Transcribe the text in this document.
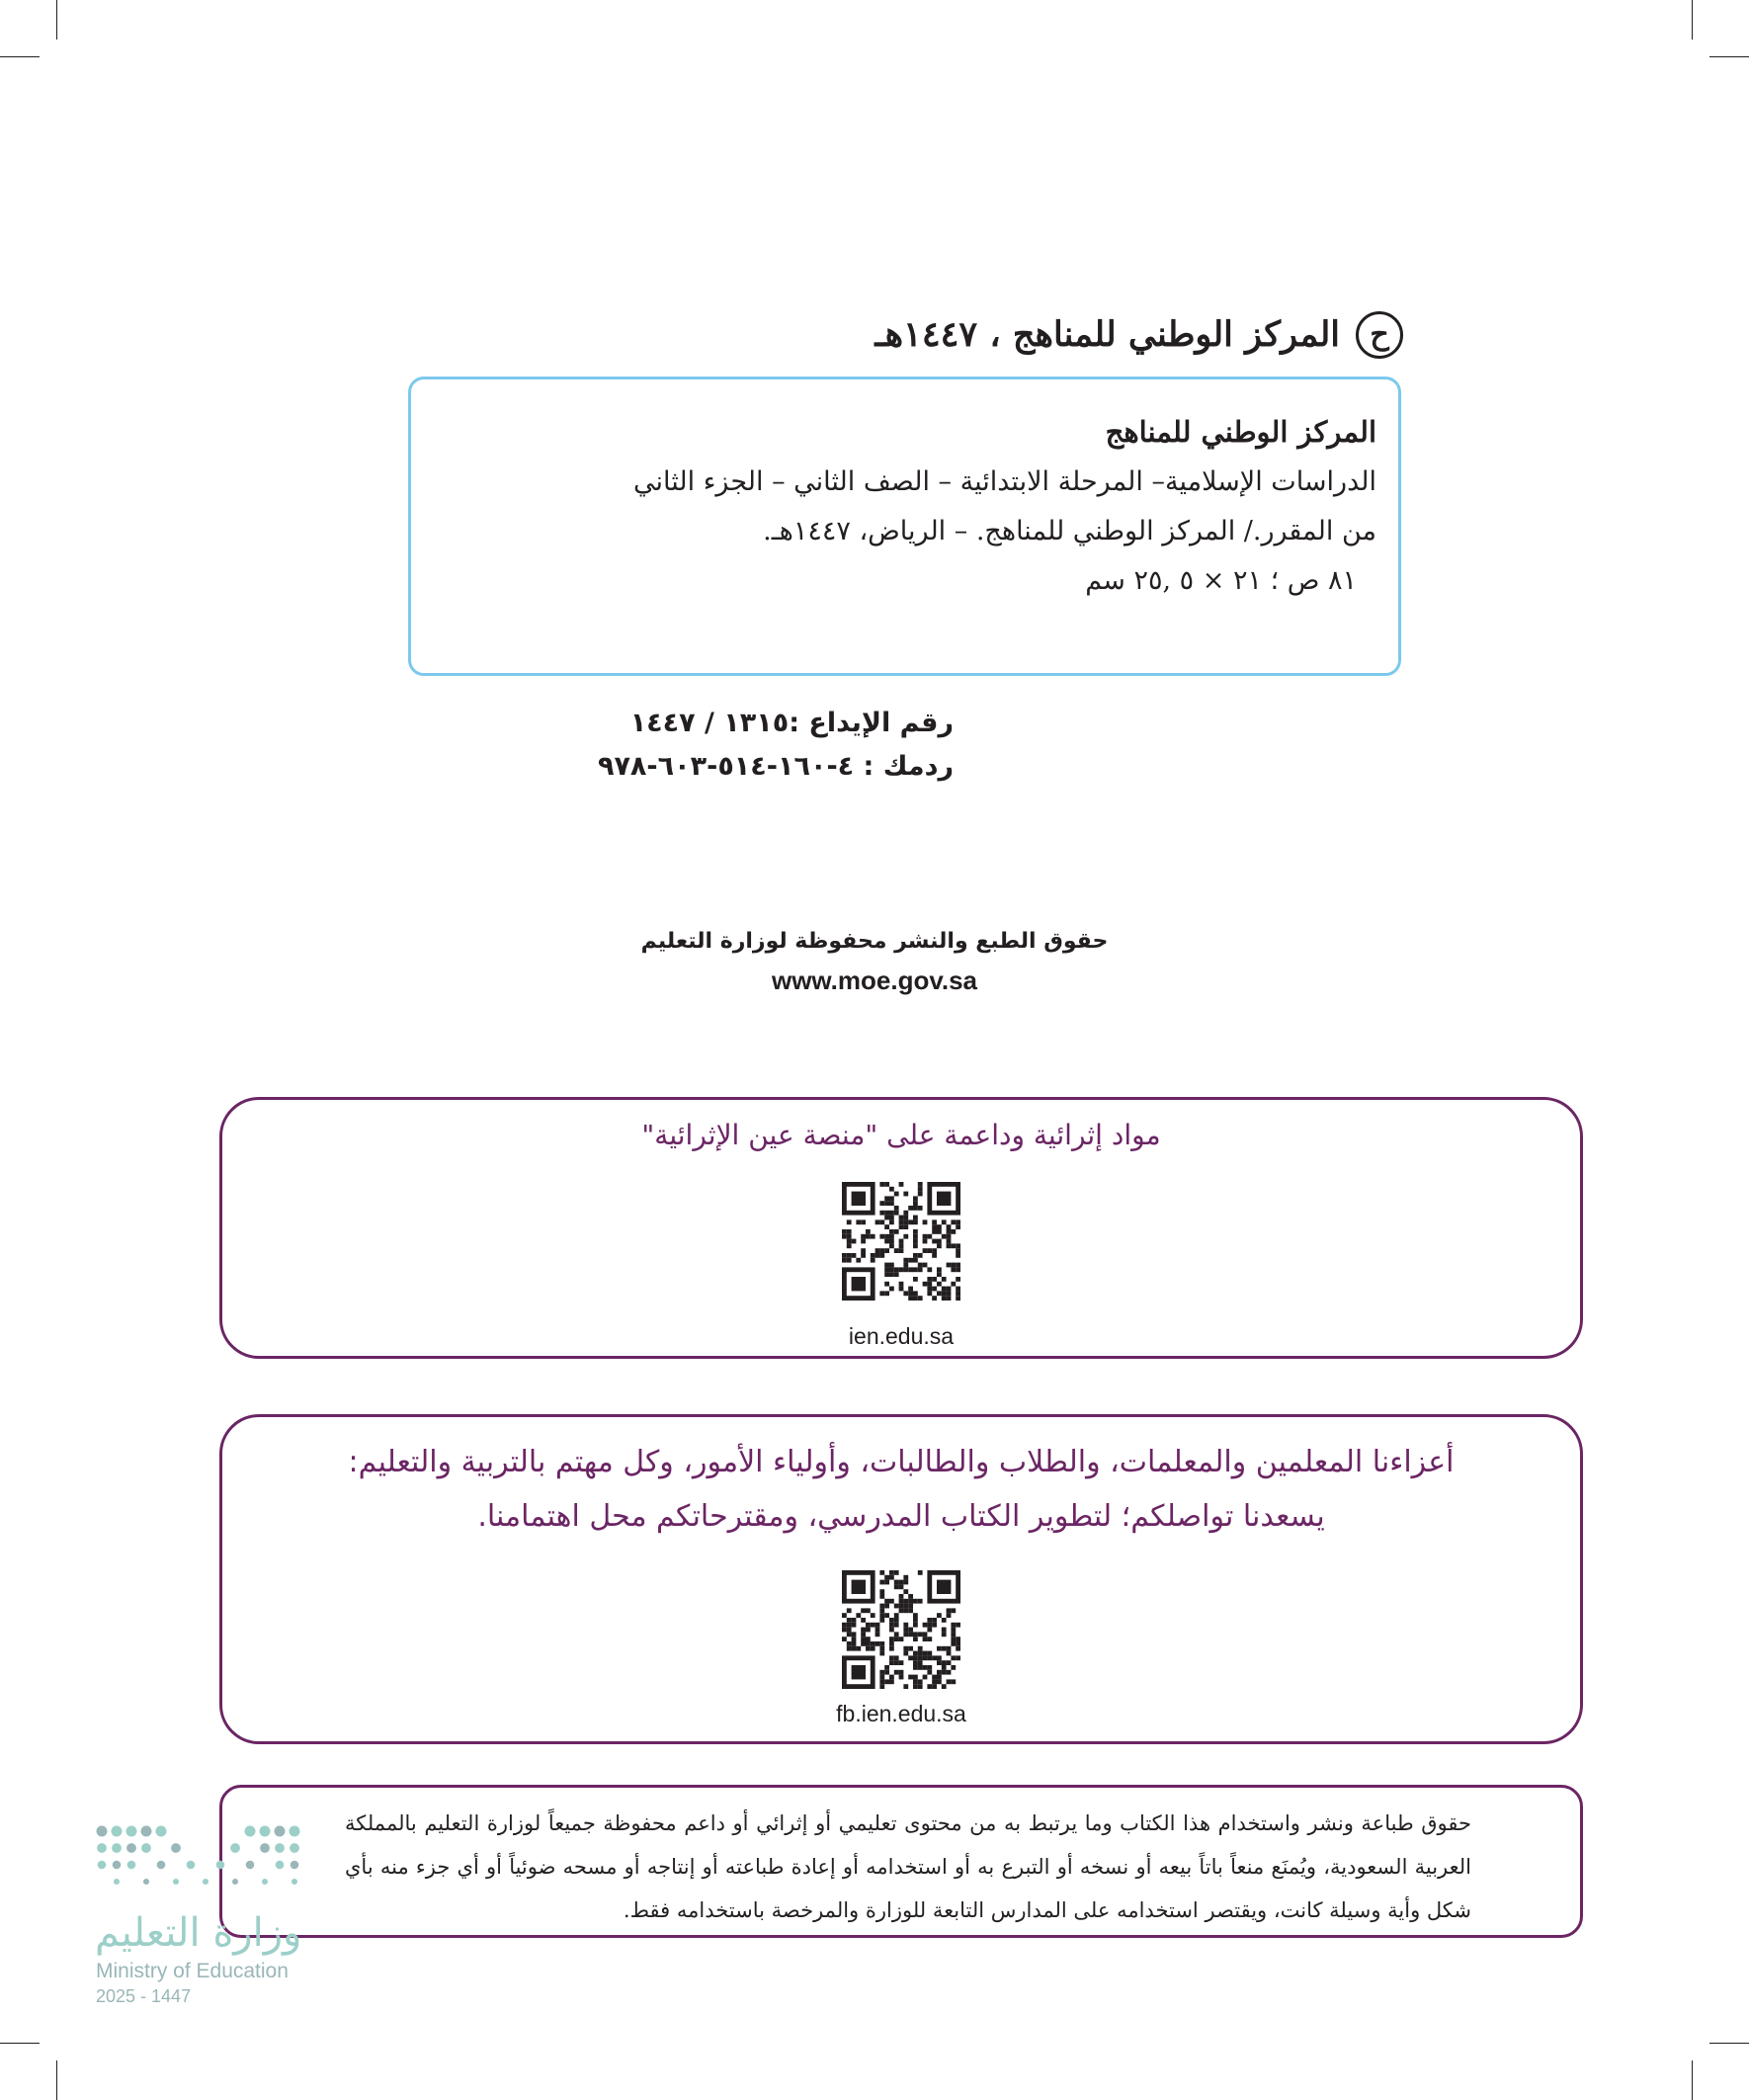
ح
المركز الوطني للمناهج ، ١٤٤٧هـ
المركز الوطني للمناهج
الدراسات الإسلامية– المرحلة الابتدائية – الصف الثاني – الجزء الثاني
من المقرر./ المركز الوطني للمناهج. – الرياض، ١٤٤٧هـ.
٨١ ص ؛ ٢١ × ٥ ,٢٥ سم
رقم الإيداع :١٣١٥ / ١٤٤٧
ردمك : ٤-١٦٠-٥١٤-٦٠٣-٩٧٨
حقوق الطبع والنشر محفوظة لوزارة التعليم
www.moe.gov.sa
مواد إثرائية وداعمة على "منصة عين الإثرائية"
ien.edu.sa
أعزاءنا المعلمين والمعلمات، والطلاب والطالبات، وأولياء الأمور، وكل مهتم بالتربية والتعليم:
يسعدنا تواصلكم؛ لتطوير الكتاب المدرسي، ومقترحاتكم محل اهتمامنا.
fb.ien.edu.sa
حقوق طباعة ونشر واستخدام هذا الكتاب وما يرتبط به من محتوى تعليمي أو إثرائي أو داعم محفوظة جميعاً لوزارة التعليم بالمملكة العربية السعودية، ويُمنَع منعاً باتاً بيعه أو نسخه أو التبرع به أو استخدامه أو إعادة طباعته أو إنتاجه أو مسحه ضوئياً أو أي جزء منه بأي شكل وأية وسيلة كانت، ويقتصر استخدامه على المدارس التابعة للوزارة والمرخصة باستخدامه فقط.
وزارة التعليم
Ministry of Education
2025 - 1447
